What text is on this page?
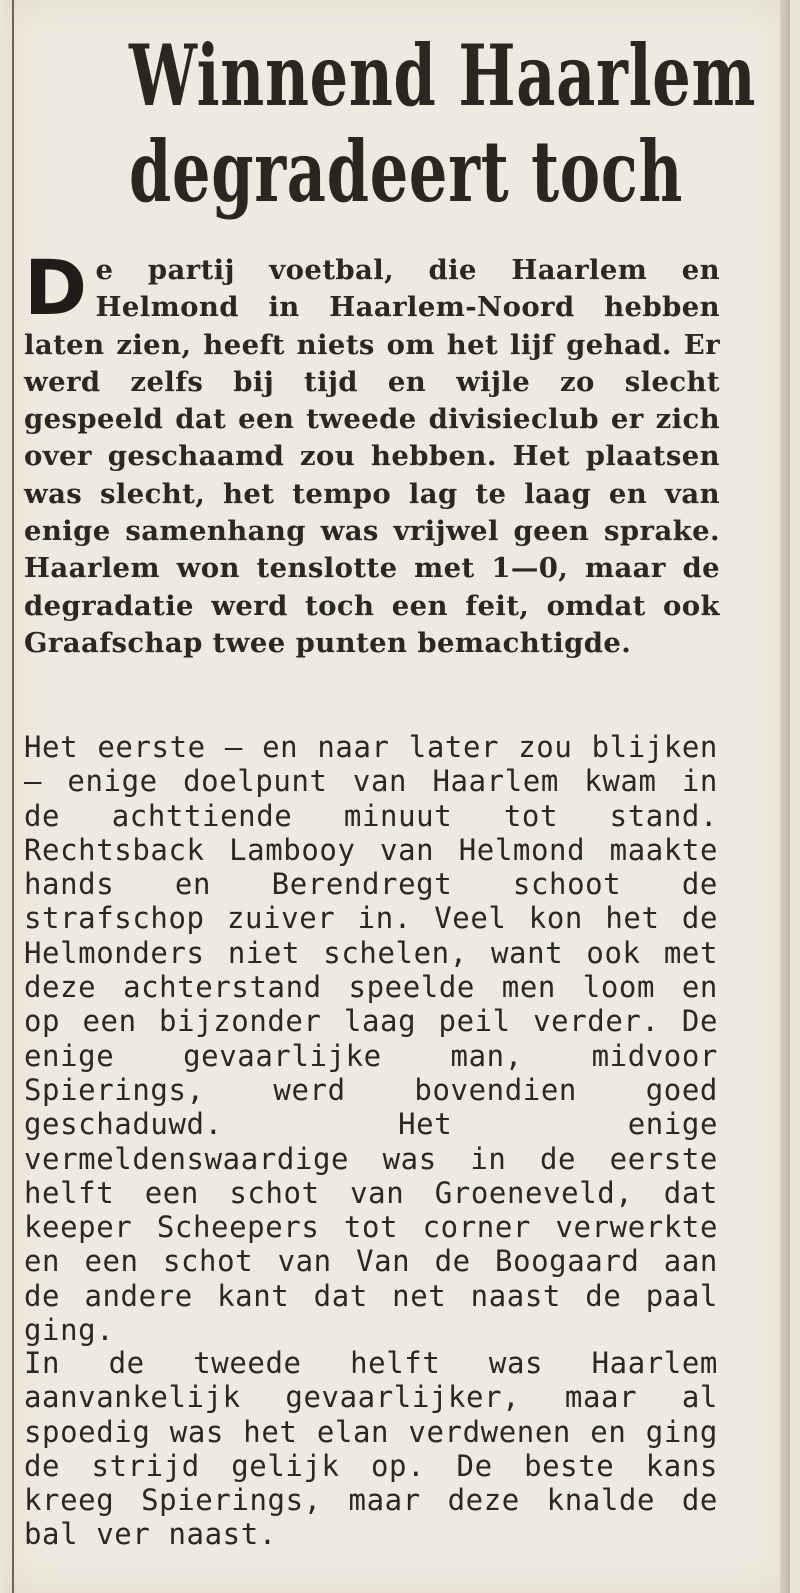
Winnend Haarlem
degradeert toch
D e partij voetbal, die Haarlem en Helmond in Haarlem-Noord hebben laten zien, heeft niets om het lijf gehad. Er werd zelfs bij tijd en wijle zo slecht gespeeld dat een tweede divisieclub er zich over geschaamd zou hebben. Het plaatsen was slecht, het tempo lag te laag en van enige samenhang was vrijwel geen sprake. Haarlem won tenslotte met 1—0, maar de degradatie werd toch een feit, omdat ook Graafschap twee punten bemachtigde.

Het eerste — en naar later zou blijken — enige doelpunt van Haarlem kwam in de achttiende minuut tot stand. Rechtsback Lambooy van Helmond maakte hands en Berendregt schoot de strafschop zuiver in. Veel kon het de Helmonders niet schelen, want ook met deze achterstand speelde men loom en op een bijzonder laag peil verder. De enige gevaarlijke man, midvoor Spierings, werd bovendien goed geschaduwd. Het enige vermeldenswaardige was in de eerste helft een schot van Groeneveld, dat keeper Scheepers tot corner verwerkte en een schot van Van de Boogaard aan de andere kant dat net naast de paal ging.

In de tweede helft was Haarlem aanvankelijk gevaarlijker, maar al spoedig was het elan verdwenen en ging de strijd gelijk op. De beste kans kreeg Spierings, maar deze knalde de bal ver naast.
